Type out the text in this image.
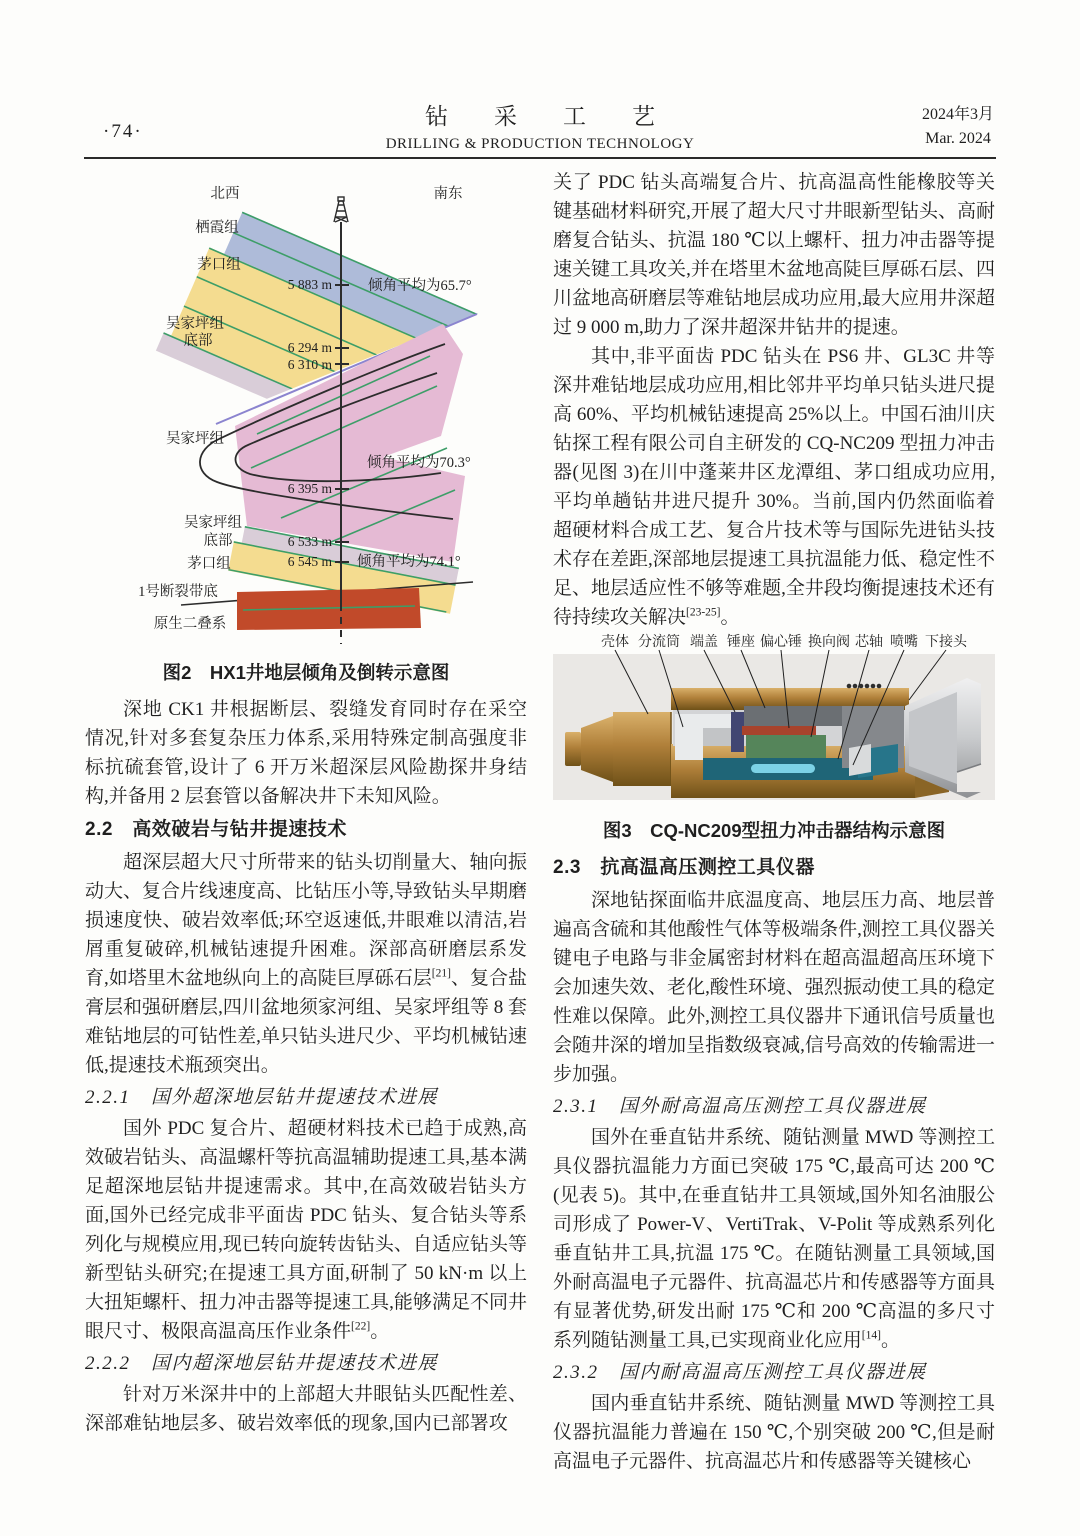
·74·
钻采工艺
DRILLING & PRODUCTION TECHNOLOGY
2024年3月
Mar. 2024
北西	南东
栖霞组
茅口组
吴家坪组
底部
吴家坪组
吴家坪组
底部
茅口组
1号断裂带底
原生二叠系
5 883 m
6 294 m
6 310 m
6 395 m
6 533 m
6 545 m
倾角平均为65.7°
倾角平均为70.3°
倾角平均为74.1°
图2　HX1井地层倾角及倒转示意图
深地 CK1 井根据断层、裂缝发育同时存在采空情况,针对多套复杂压力体系,采用特殊定制高强度非标抗硫套管,设计了 6 开万米超深层风险勘探井身结构,并备用 2 层套管以备解决井下未知风险。
2.2　高效破岩与钻井提速技术
超深层超大尺寸所带来的钻头切削量大、轴向振动大、复合片线速度高、比钻压小等,导致钻头早期磨损速度快、破岩效率低;环空返速低,井眼难以清洁,岩屑重复破碎,机械钻速提升困难。深部高研磨层系发育,如塔里木盆地纵向上的高陡巨厚砾石层[21]、复合盐膏层和强研磨层,四川盆地须家河组、吴家坪组等 8 套难钻地层的可钻性差,单只钻头进尺少、平均机械钻速低,提速技术瓶颈突出。
2.2.1　国外超深地层钻井提速技术进展
国外 PDC 复合片、超硬材料技术已趋于成熟,高效破岩钻头、高温螺杆等抗高温辅助提速工具,基本满足超深地层钻井提速需求。其中,在高效破岩钻头方面,国外已经完成非平面齿 PDC 钻头、复合钻头等系列化与规模应用,现已转向旋转齿钻头、自适应钻头等新型钻头研究;在提速工具方面,研制了 50 kN·m 以上大扭矩螺杆、扭力冲击器等提速工具,能够满足不同井眼尺寸、极限高温高压作业条件[22]。
2.2.2　国内超深地层钻井提速技术进展
针对万米深井中的上部超大井眼钻头匹配性差、深部难钻地层多、破岩效率低的现象,国内已部署攻
关了 PDC 钻头高端复合片、抗高温高性能橡胶等关键基础材料研究,开展了超大尺寸井眼新型钻头、高耐磨复合钻头、抗温 180 ℃以上螺杆、扭力冲击器等提速关键工具攻关,并在塔里木盆地高陡巨厚砾石层、四川盆地高研磨层等难钻地层成功应用,最大应用井深超过 9 000 m,助力了深井超深井钻井的提速。
其中,非平面齿 PDC 钻头在 PS6 井、GL3C 井等深井难钻地层成功应用,相比邻井平均单只钻头进尺提高 60%、平均机械钻速提高 25%以上。中国石油川庆钻探工程有限公司自主研发的 CQ-NC209 型扭力冲击器(见图 3)在川中蓬莱井区龙潭组、茅口组成功应用,平均单趟钻井进尺提升 30%。当前,国内仍然面临着超硬材料合成工艺、复合片技术等与国际先进钻头技术存在差距,深部地层提速工具抗温能力低、稳定性不足、地层适应性不够等难题,全井段均衡提速技术还有待持续攻关解决[23-25]。
壳体 分流筒 端盖 锤座 偏心锤 换向阀 芯轴 喷嘴 下接头
图3　CQ-NC209型扭力冲击器结构示意图
2.3　抗高温高压测控工具仪器
深地钻探面临井底温度高、地层压力高、地层普遍高含硫和其他酸性气体等极端条件,测控工具仪器关键电子电路与非金属密封材料在超高温超高压环境下会加速失效、老化,酸性环境、强烈振动使工具的稳定性难以保障。此外,测控工具仪器井下通讯信号质量也会随井深的增加呈指数级衰减,信号高效的传输需进一步加强。
2.3.1　国外耐高温高压测控工具仪器进展
国外在垂直钻井系统、随钻测量 MWD 等测控工具仪器抗温能力方面已突破 175 ℃,最高可达 200 ℃(见表 5)。其中,在垂直钻井工具领域,国外知名油服公司形成了 Power-V、VertiTrak、V-Polit 等成熟系列化垂直钻井工具,抗温 175 ℃。在随钻测量工具领域,国外耐高温电子元器件、抗高温芯片和传感器等方面具有显著优势,研发出耐 175 ℃和 200 ℃高温的多尺寸系列随钻测量工具,已实现商业化应用[14]。
2.3.2　国内耐高温高压测控工具仪器进展
国内垂直钻井系统、随钻测量 MWD 等测控工具仪器抗温能力普遍在 150 ℃,个别突破 200 ℃,但是耐高温电子元器件、抗高温芯片和传感器等关键核心
